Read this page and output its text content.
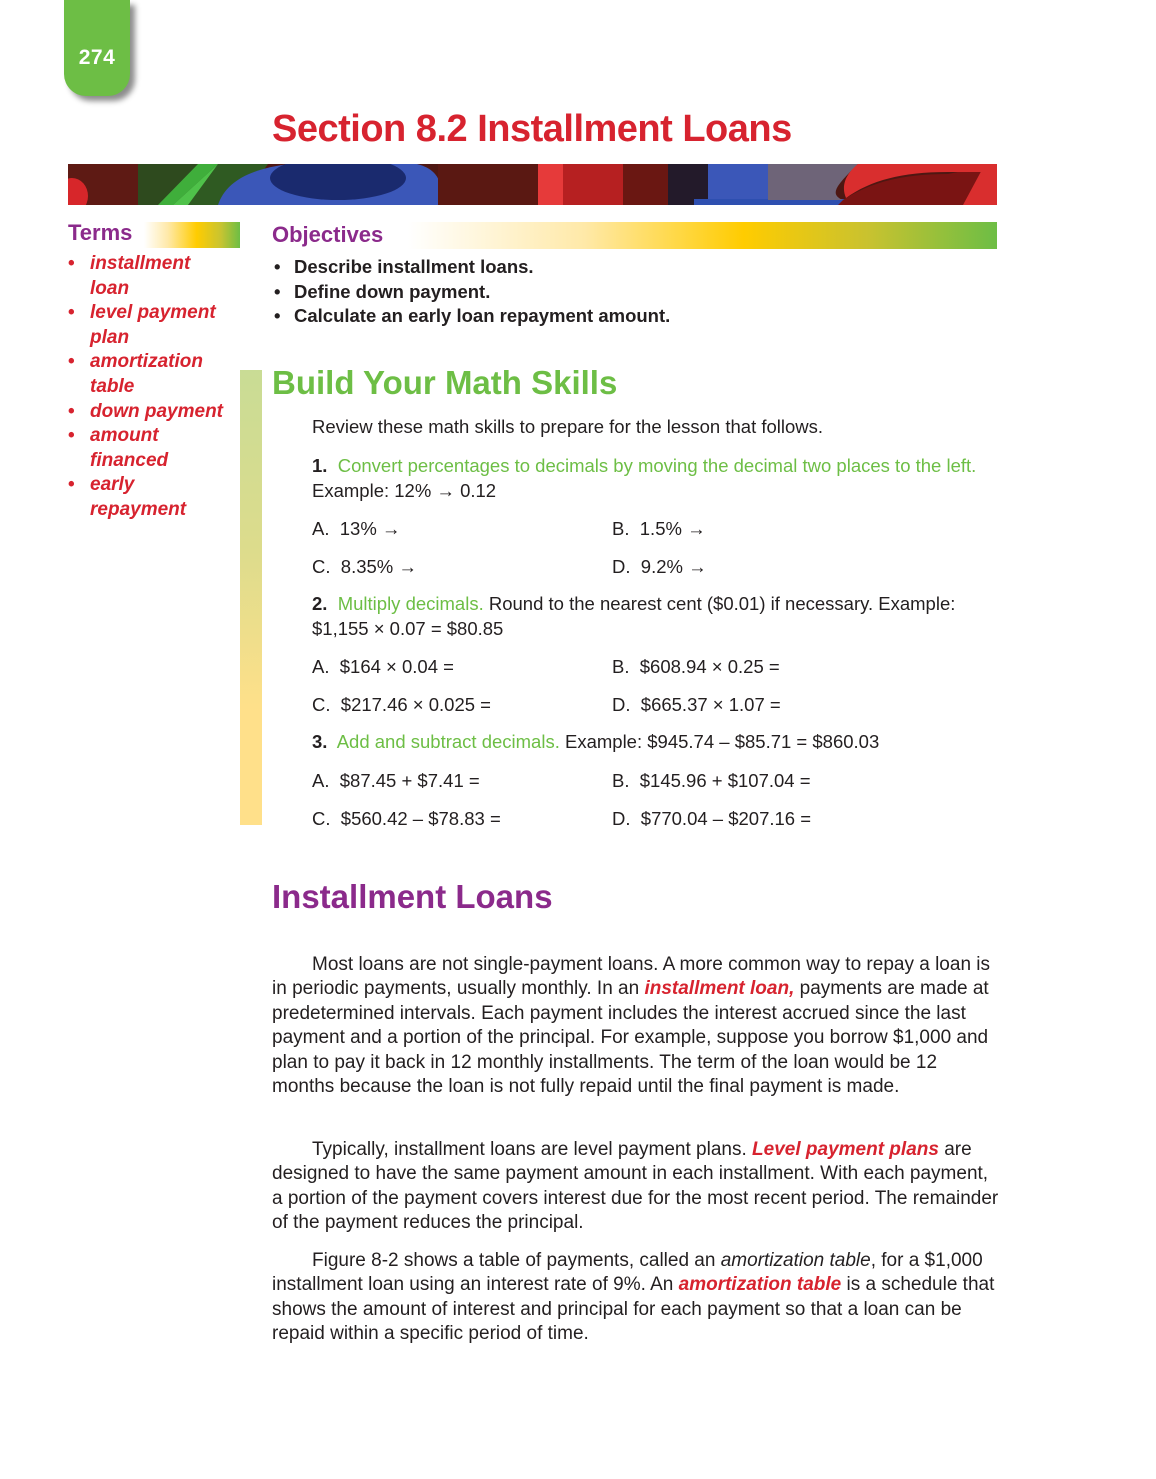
274
Section 8.2 Installment Loans
Terms
• installment loan
• level payment plan
• amortization table
• down payment
• amount financed
• early repayment
Objectives
• Describe installment loans.
• Define down payment.
• Calculate an early loan repayment amount.
Build Your Math Skills
Review these math skills to prepare for the lesson that follows.
1. Convert percentages to decimals by moving the decimal two places to the left. Example: 12% → 0.12
A. 13% →	B. 1.5% →
C. 8.35% →	D. 9.2% →
2. Multiply decimals. Round to the nearest cent ($0.01) if necessary. Example: $1,155 × 0.07 = $80.85
A. $164 × 0.04 =	B. $608.94 × 0.25 =
C. $217.46 × 0.025 =	D. $665.37 × 1.07 =
3. Add and subtract decimals. Example: $945.74 – $85.71 = $860.03
A. $87.45 + $7.41 =	B. $145.96 + $107.04 =
C. $560.42 – $78.83 =	D. $770.04 – $207.16 =
Installment Loans

Most loans are not single-payment loans. A more common way to repay a loan is in periodic payments, usually monthly. In an installment loan, payments are made at predetermined intervals. Each payment includes the interest accrued since the last payment and a portion of the principal. For example, suppose you borrow $1,000 and plan to pay it back in 12 monthly installments. The term of the loan would be 12 months because the loan is not fully repaid until the final payment is made.

Typically, installment loans are level payment plans. Level payment plans are designed to have the same payment amount in each installment. With each payment, a portion of the payment covers interest due for the most recent period. The remainder of the payment reduces the principal.

Figure 8-2 shows a table of payments, called an amortization table, for a $1,000 installment loan using an interest rate of 9%. An amortization table is a schedule that shows the amount of interest and principal for each payment so that a loan can be repaid within a specific period of time.
